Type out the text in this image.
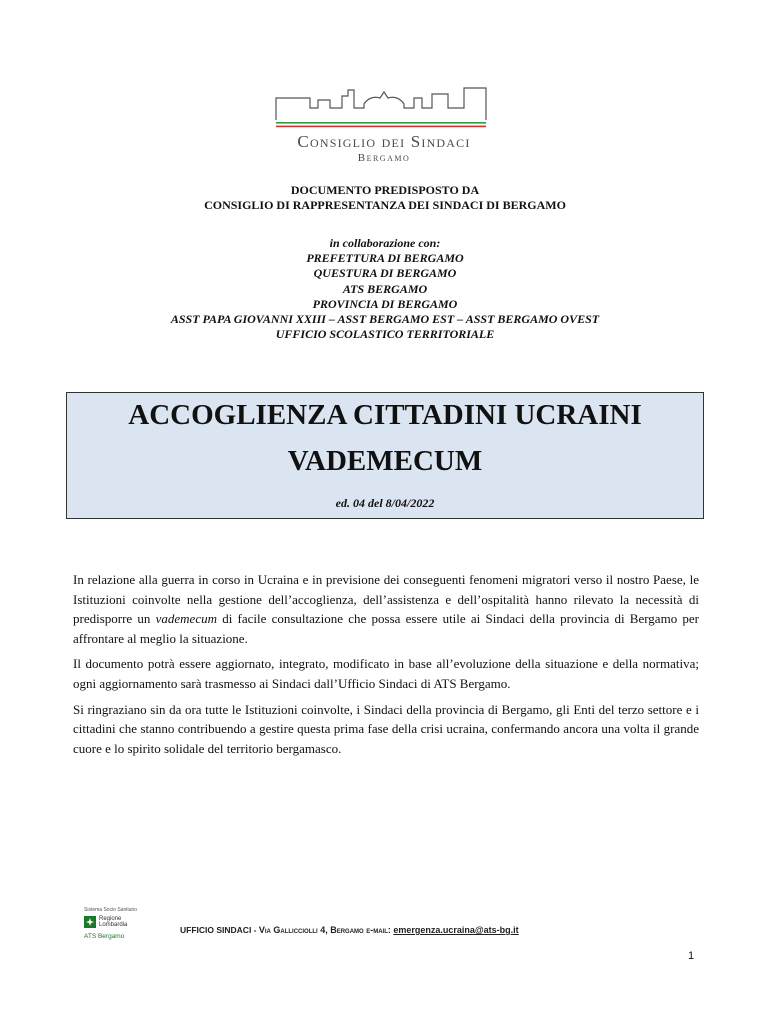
Consiglio dei Sindaci
Bergamo
DOCUMENTO PREDISPOSTO DA
CONSIGLIO DI RAPPRESENTANZA DEI SINDACI DI BERGAMO
in collaborazione con:
PREFETTURA DI BERGAMO
QUESTURA DI BERGAMO
ATS BERGAMO
PROVINCIA DI BERGAMO
ASST PAPA GIOVANNI XXIII – ASST BERGAMO EST – ASST BERGAMO OVEST
UFFICIO SCOLASTICO TERRITORIALE
ACCOGLIENZA CITTADINI UCRAINI
VADEMECUM
ed. 04 del 8/04/2022

In relazione alla guerra in corso in Ucraina e in previsione dei conseguenti fenomeni migratori verso il nostro Paese, le Istituzioni coinvolte nella gestione dell’accoglienza, dell’assistenza e dell’ospitalità hanno rilevato la necessità di predisporre un vademecum di facile consultazione che possa essere utile ai Sindaci della provincia di Bergamo per affrontare al meglio la situazione.

Il documento potrà essere aggiornato, integrato, modificato in base all’evoluzione della situazione e della normativa; ogni aggiornamento sarà trasmesso ai Sindaci dall’Ufficio Sindaci di ATS Bergamo.

Si ringraziano sin da ora tutte le Istituzioni coinvolte, i Sindaci della provincia di Bergamo, gli Enti del terzo settore e i cittadini che stanno contribuendo a gestire questa prima fase della crisi ucraina, confermando ancora una volta il grande cuore e lo spirito solidale del territorio bergamasco.

Sistema Socio Sanitario
Regione Lombardia
ATS Bergamo
UFFICIO SINDACI - Via Gallicciolli 4, Bergamo e-mail: emergenza.ucraina@ats-bg.it
1
